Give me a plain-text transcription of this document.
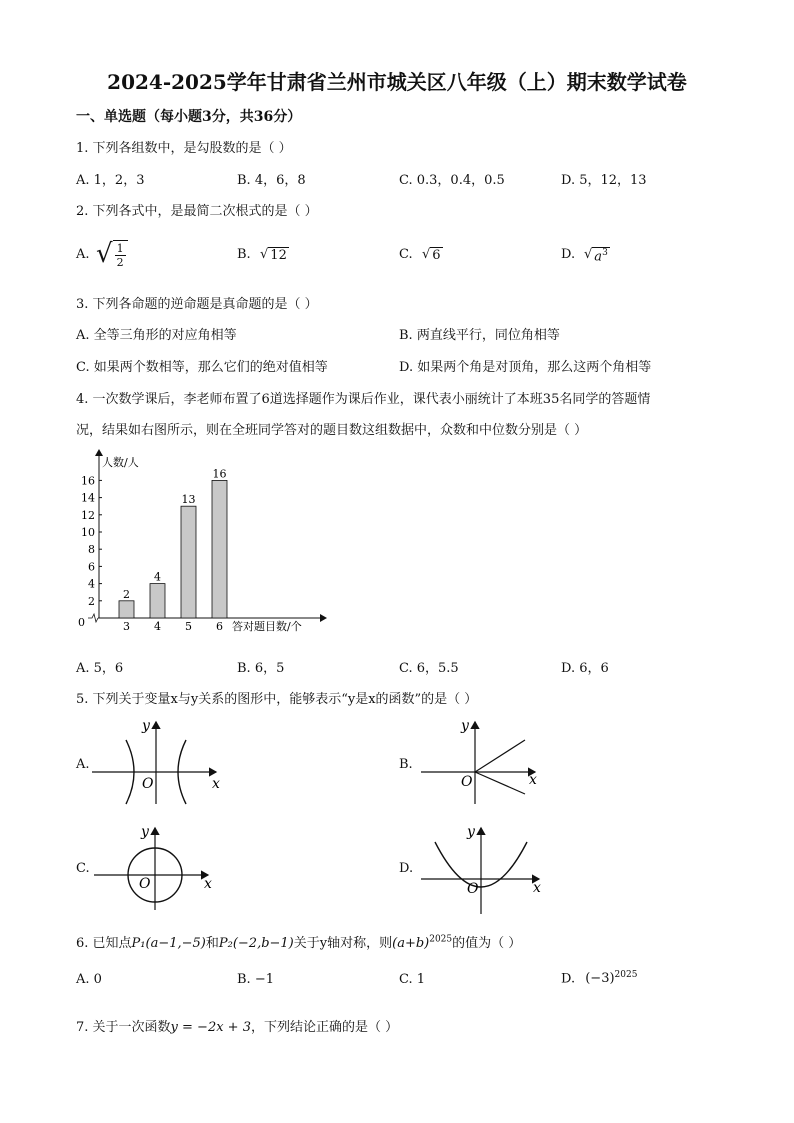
2024-2025学年甘肃省兰州市城关区八年级（上）期末数学试卷
一、单选题（每小题3分，共36分）
1. 下列各组数中，是勾股数的是（ ）
A. 1，2，3	B. 4，6，8	C. 0.3，0.4，0.5	D. 5，12，13
2. 下列各式中，是最简二次根式的是（ ）
A. √ $\frac{1}{2}$	B. √ 12	C. √ 6	D. √ $a^3$
3. 下列各命题的逆命题是真命题的是（ ）
A. 全等三角形的对应角相等	B. 两直线平行，同位角相等
C. 如果两个数相等，那么它们的绝对值相等	D. 如果两个角是对顶角，那么这两个角相等
4. 一次数学课后，李老师布置了6道选择题作为课后作业，课代表小丽统计了本班35名同学的答题情
况，结果如右图所示，则在全班同学答对的题目数这组数据中，众数和中位数分别是（ ）
人数/人
答对题目数/个
0
2
4
6
8
10
12
14
16
2
3
4
4
13
5
16
6
A. 5，6	B. 6，5	C. 6，5.5	D. 6，6
5. 下列关于变量x与y关系的图形中，能够表示“y是x的函数”的是（ ）
A.
y
x
O
B.
y
x
O
C.
y
x
O
D.
y
x
O
6. 已知点P₁(a−1,−5)和P₂(−2,b−1)关于y轴对称，则$(a+b)^{2025}$的值为（ ）
A. 0	B. −1	C. 1	D. $(-3)^{2025}$
7. 关于一次函数y = −2x + 3，下列结论正确的是（ ）
